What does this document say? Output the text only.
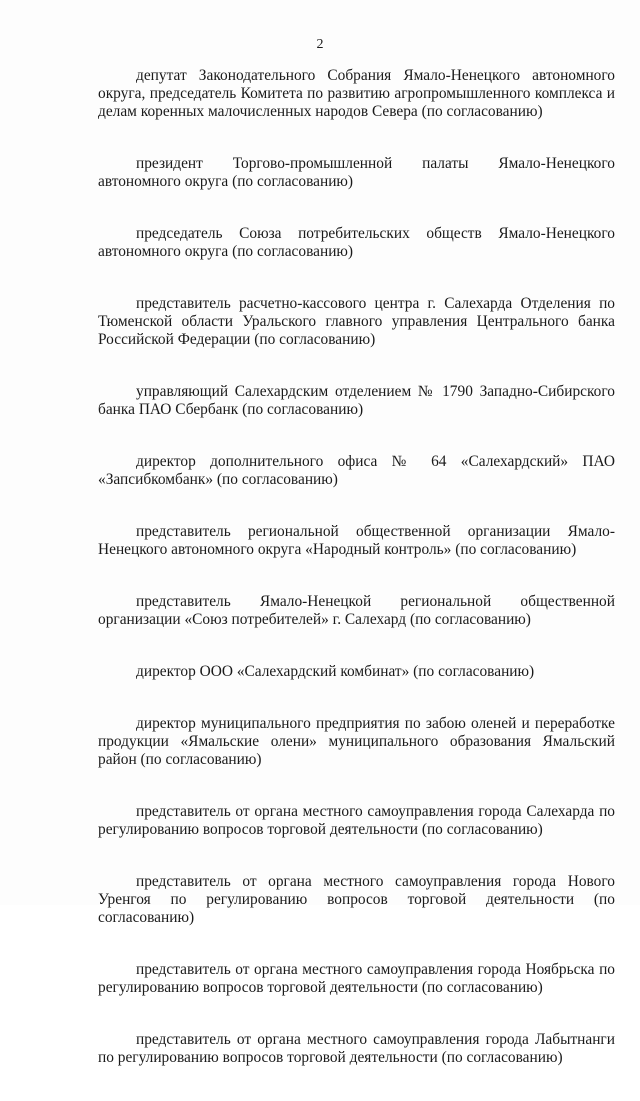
2

депутат Законодательного Собрания Ямало-Ненецкого автономного округа, председатель Комитета по развитию агропромышленного комплекса и делам коренных малочисленных народов Севера (по согласованию)

президент Торгово-промышленной палаты Ямало-Ненецкого автономного округа (по согласованию)

председатель Союза потребительских обществ Ямало-Ненецкого автономного округа (по согласованию)

представитель расчетно-кассового центра г. Салехарда Отделения по Тюменской области Уральского главного управления Центрального банка Российской Федерации (по согласованию)

управляющий Салехардским отделением № 1790 Западно-Сибирского банка ПАО Сбербанк (по согласованию)

директор дополнительного офиса № 64 «Салехардский» ПАО «Запсибкомбанк» (по согласованию)

представитель региональной общественной организации Ямало-Ненецкого автономного округа «Народный контроль» (по согласованию)

представитель Ямало-Ненецкой региональной общественной организации «Союз потребителей» г. Салехард (по согласованию)

директор ООО «Салехардский комбинат» (по согласованию)

директор муниципального предприятия по забою оленей и переработке продукции «Ямальские олени» муниципального образования Ямальский район (по согласованию)

представитель от органа местного самоуправления города Салехарда по регулированию вопросов торговой деятельности (по согласованию)

представитель от органа местного самоуправления города Нового Уренгоя по регулированию вопросов торговой деятельности (по согласованию)

представитель от органа местного самоуправления города Ноябрьска по регулированию вопросов торговой деятельности (по согласованию)

представитель от органа местного самоуправления города Лабытнанги по регулированию вопросов торговой деятельности (по согласованию)
